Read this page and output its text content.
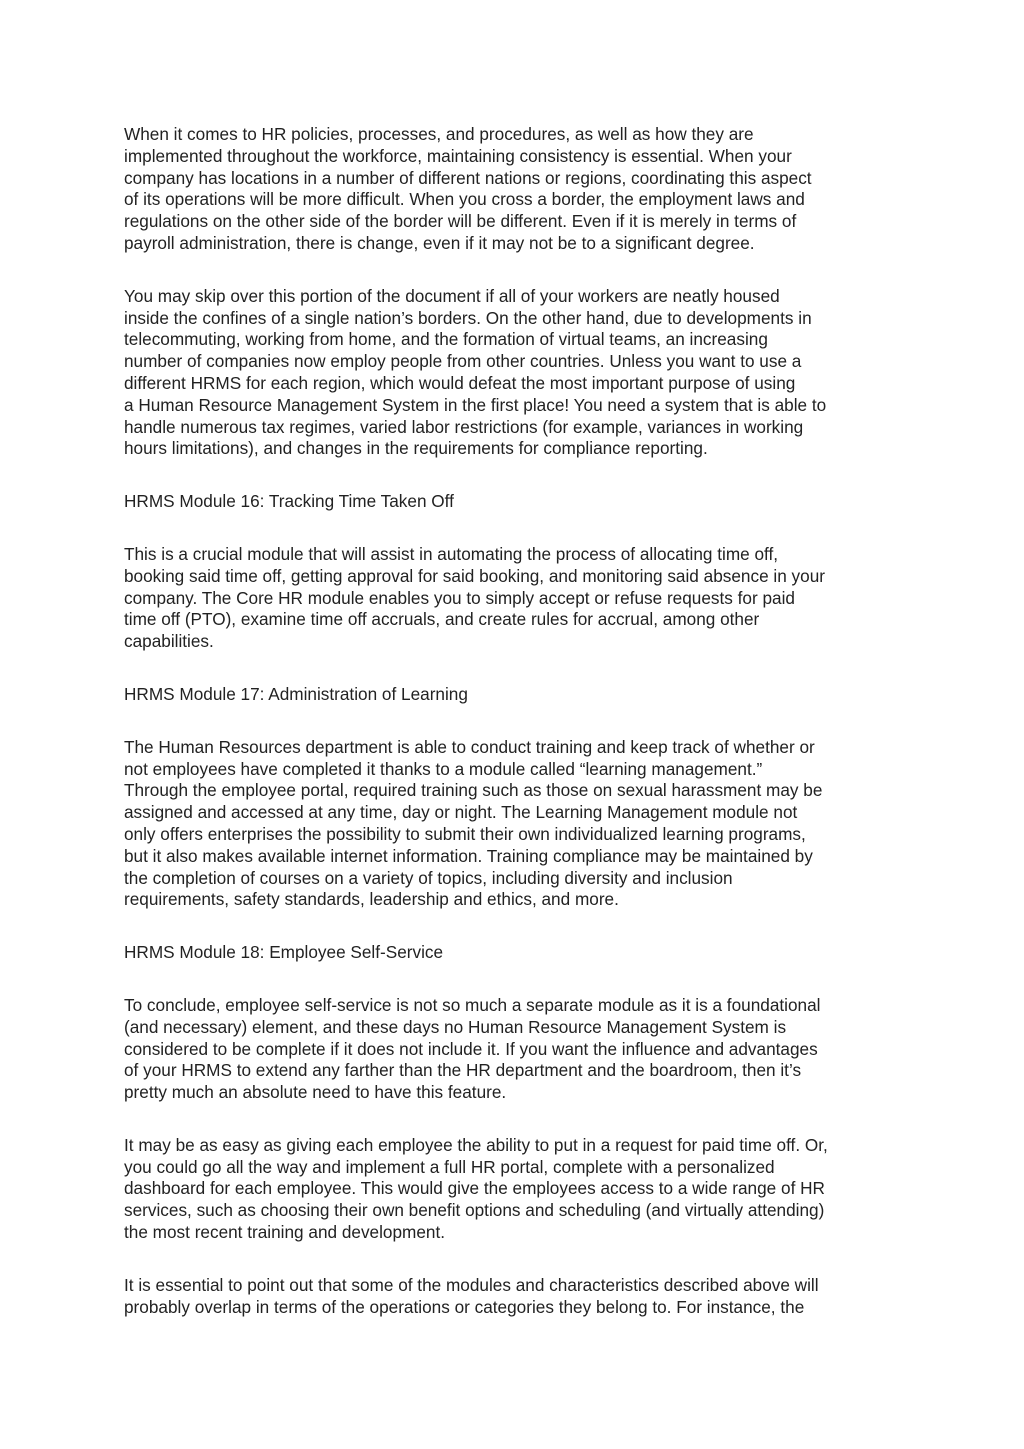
When it comes to HR policies, processes, and procedures, as well as how they are
implemented throughout the workforce, maintaining consistency is essential. When your
company has locations in a number of different nations or regions, coordinating this aspect
of its operations will be more difficult. When you cross a border, the employment laws and
regulations on the other side of the border will be different. Even if it is merely in terms of
payroll administration, there is change, even if it may not be to a significant degree.

You may skip over this portion of the document if all of your workers are neatly housed
inside the confines of a single nation’s borders. On the other hand, due to developments in
telecommuting, working from home, and the formation of virtual teams, an increasing
number of companies now employ people from other countries. Unless you want to use a
different HRMS for each region, which would defeat the most important purpose of using
a Human Resource Management System in the first place! You need a system that is able to
handle numerous tax regimes, varied labor restrictions (for example, variances in working
hours limitations), and changes in the requirements for compliance reporting.

HRMS Module 16: Tracking Time Taken Off

This is a crucial module that will assist in automating the process of allocating time off,
booking said time off, getting approval for said booking, and monitoring said absence in your
company. The Core HR module enables you to simply accept or refuse requests for paid
time off (PTO), examine time off accruals, and create rules for accrual, among other
capabilities.

HRMS Module 17: Administration of Learning

The Human Resources department is able to conduct training and keep track of whether or
not employees have completed it thanks to a module called “learning management.”
Through the employee portal, required training such as those on sexual harassment may be
assigned and accessed at any time, day or night. The Learning Management module not
only offers enterprises the possibility to submit their own individualized learning programs,
but it also makes available internet information. Training compliance may be maintained by
the completion of courses on a variety of topics, including diversity and inclusion
requirements, safety standards, leadership and ethics, and more.

HRMS Module 18: Employee Self-Service

To conclude, employee self-service is not so much a separate module as it is a foundational
(and necessary) element, and these days no Human Resource Management System is
considered to be complete if it does not include it. If you want the influence and advantages
of your HRMS to extend any farther than the HR department and the boardroom, then it’s
pretty much an absolute need to have this feature.

It may be as easy as giving each employee the ability to put in a request for paid time off. Or,
you could go all the way and implement a full HR portal, complete with a personalized
dashboard for each employee. This would give the employees access to a wide range of HR
services, such as choosing their own benefit options and scheduling (and virtually attending)
the most recent training and development.

It is essential to point out that some of the modules and characteristics described above will
probably overlap in terms of the operations or categories they belong to. For instance, the
